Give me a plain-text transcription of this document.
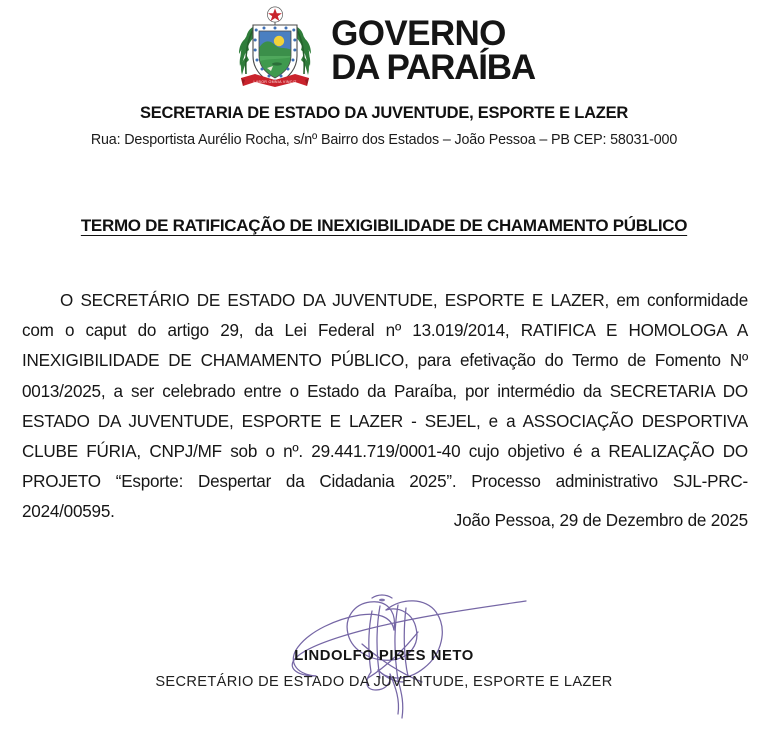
LABOR OMNIA VINCIT
GOVERNO
DA PARAÍBA
SECRETARIA DE ESTADO DA JUVENTUDE, ESPORTE E LAZER
Rua: Desportista Aurélio Rocha, s/nº Bairro dos Estados – João Pessoa – PB CEP: 58031-000
TERMO DE RATIFICAÇÃO DE INEXIGIBILIDADE DE CHAMAMENTO PÚBLICO
O SECRETÁRIO DE ESTADO DA JUVENTUDE, ESPORTE E LAZER, em conformidade com o caput do artigo 29, da Lei Federal nº 13.019/2014, RATIFICA E HOMOLOGA A INEXIGIBILIDADE DE CHAMAMENTO PÚBLICO, para efetivação do Termo de Fomento Nº 0013/2025, a ser celebrado entre o Estado da Paraíba, por intermédio da SECRETARIA DO ESTADO DA JUVENTUDE, ESPORTE E LAZER - SEJEL, e a ASSOCIAÇÃO DESPORTIVA CLUBE FÚRIA, CNPJ/MF sob o nº. 29.441.719/0001-40 cujo objetivo é a REALIZAÇÃO DO PROJETO “Esporte: Despertar da Cidadania 2025”. Processo administrativo SJL-PRC-2024/00595.	João Pessoa, 29 de Dezembro de 2025
LINDOLFO PIRES NETO
SECRETÁRIO DE ESTADO DA JUVENTUDE, ESPORTE E LAZER
